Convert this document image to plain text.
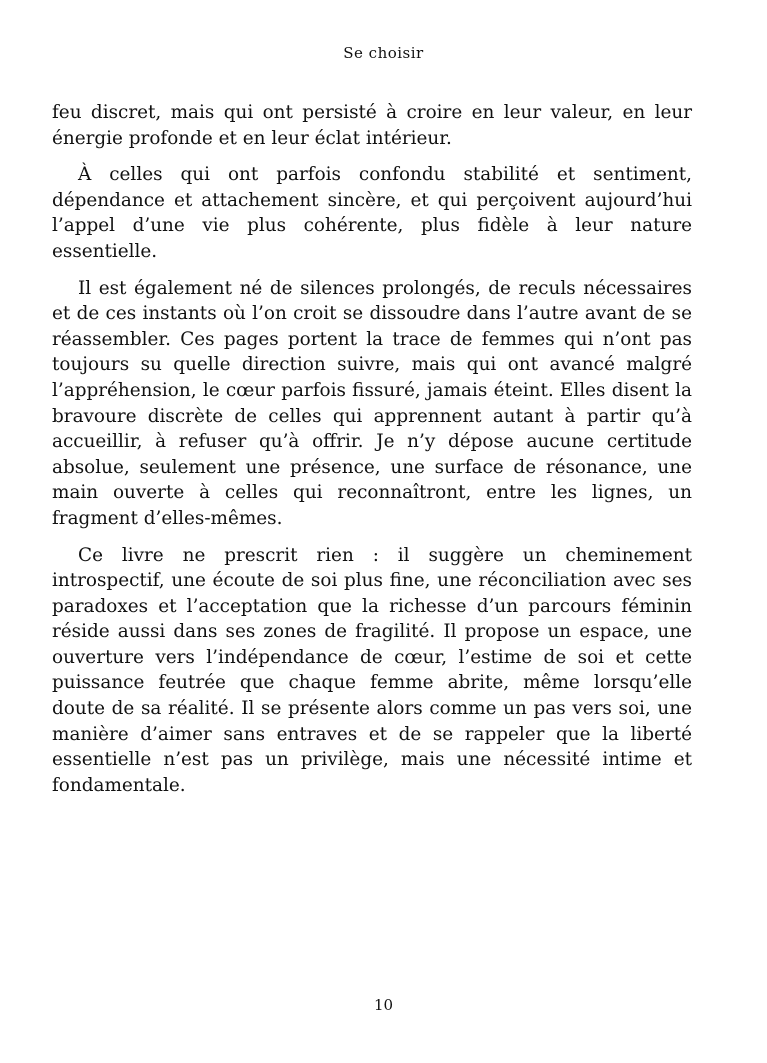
Se choisir

feu discret, mais qui ont persisté à croire en leur valeur, en leur énergie profonde et en leur éclat intérieur.

À celles qui ont parfois confondu stabilité et sentiment, dépendance et attachement sincère, et qui perçoivent aujourd’hui l’appel d’une vie plus cohérente, plus fidèle à leur nature essentielle.

Il est également né de silences prolongés, de reculs nécessaires et de ces instants où l’on croit se dissoudre dans l’autre avant de se réassembler. Ces pages portent la trace de femmes qui n’ont pas toujours su quelle direction suivre, mais qui ont avancé malgré l’appréhension, le cœur parfois fissuré, jamais éteint. Elles disent la bravoure discrète de celles qui apprennent autant à partir qu’à accueillir, à refuser qu’à offrir. Je n’y dépose aucune certitude absolue, seulement une présence, une surface de résonance, une main ouverte à celles qui reconnaîtront, entre les lignes, un fragment d’elles-mêmes.

Ce livre ne prescrit rien : il suggère un cheminement introspectif, une écoute de soi plus fine, une réconciliation avec ses paradoxes et l’acceptation que la richesse d’un parcours féminin réside aussi dans ses zones de fragilité. Il propose un espace, une ouverture vers l’indépendance de cœur, l’estime de soi et cette puissance feutrée que chaque femme abrite, même lorsqu’elle doute de sa réalité. Il se présente alors comme un pas vers soi, une manière d’aimer sans entraves et de se rappeler que la liberté essentielle n’est pas un privilège, mais une nécessité intime et fondamentale.

10
